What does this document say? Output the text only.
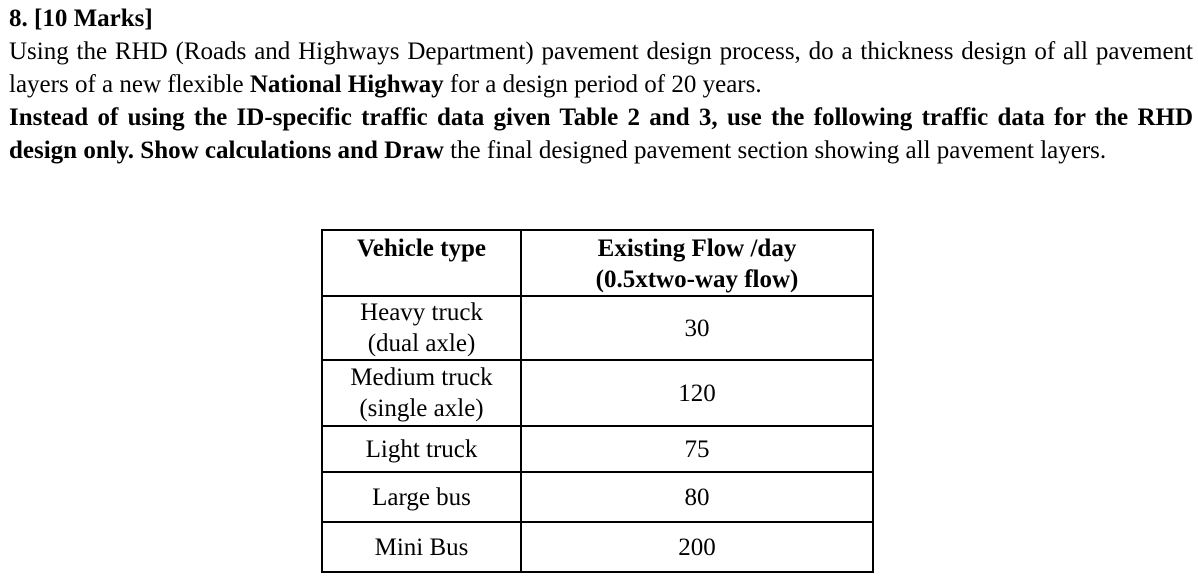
8. [10 Marks]

Using the RHD (Roads and Highways Department) pavement design process, do a thickness design of all pavement layers of a new flexible National Highway for a design period of 20 years.

Instead of using the ID-specific traffic data given Table 2 and 3, use the following traffic data for the RHD design only. Show calculations and Draw the final designed pavement section showing all pavement layers.

Vehicle type	Existing Flow /day
(0.5xtwo-way flow)

Heavy truck
(dual axle)	30

Medium truck
(single axle)	120
Light truck	75
Large bus	80
Mini Bus	200
